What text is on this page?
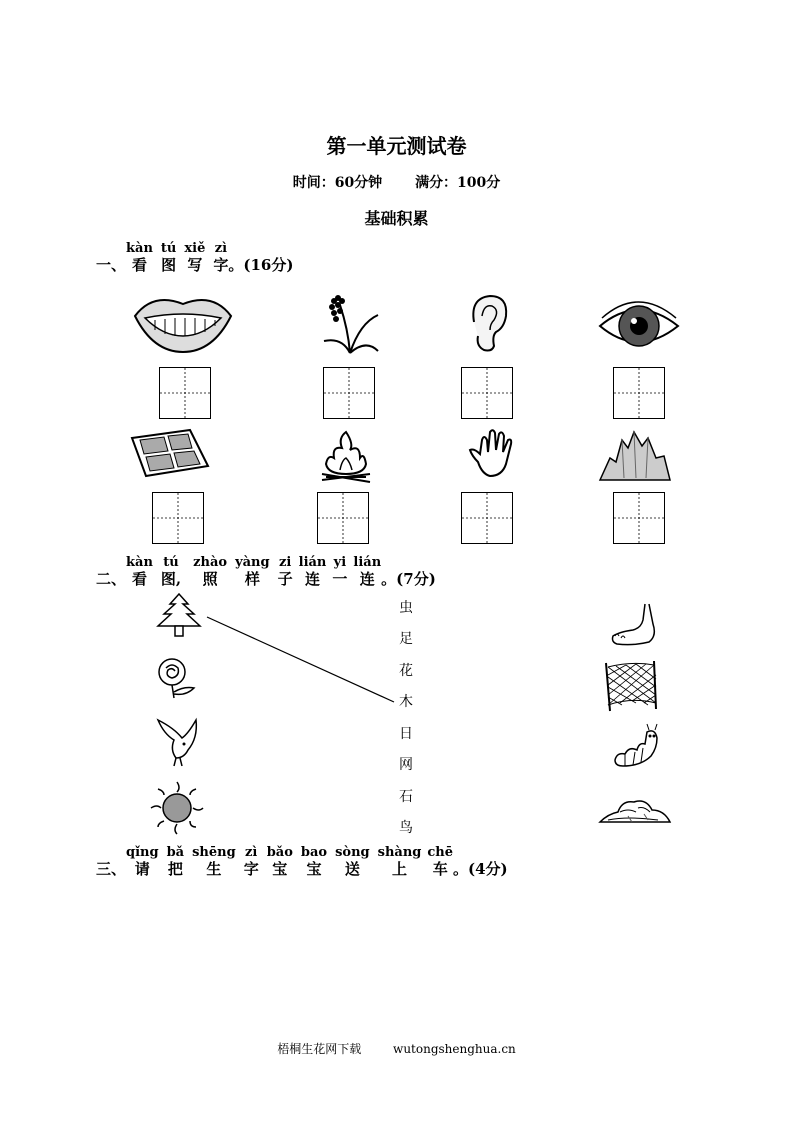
第一单元测试卷
时间：60分钟 满分：100分
基础积累
一、
kàn
看
tú
图
xiě
写
zì
字 。(16分)
二、
kàn
看
tú
图,
zhào
照
yàng
样
zi
子
lián
连
yi
一
lián
连 。(7分)
虫
足
花
木
日
网
石
鸟
三、
qǐng
请
bǎ
把
shēng
生
zì
字
bǎo
宝
bao
宝
sòng
送
shàng
上
chē
车 。(4分)
梧桐生花网下载	wutongshenghua.cn
